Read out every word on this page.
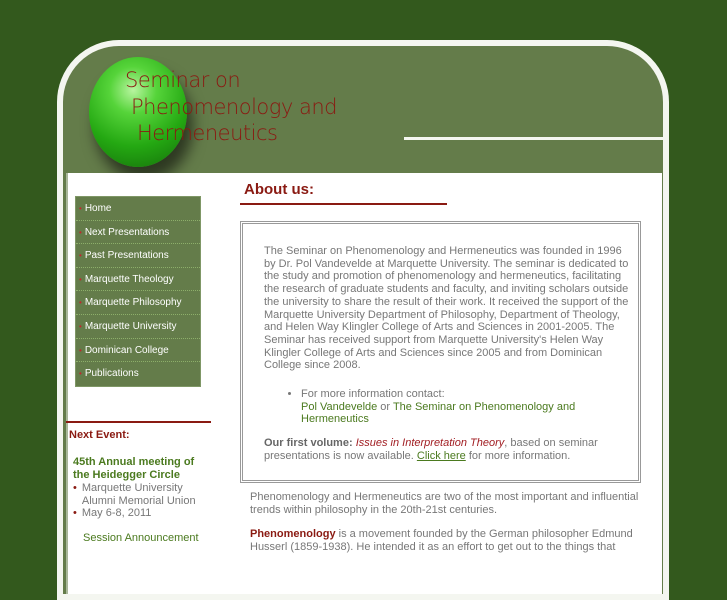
Seminar on
Phenomenology and
Hermeneutics
• Home
• Next Presentations
• Past Presentations
• Marquette Theology
• Marquette Philosophy
• Marquette University
• Dominican College
• Publications
Next Event:
45th Annual meeting of the Heidegger Circle
• Marquette University Alumni Memorial Union
• May 6-8, 2011
Session Announcement
About us:

The Seminar on Phenomenology and Hermeneutics was founded in 1996 by Dr. Pol Vandevelde at Marquette University. The seminar is dedicated to the study and promotion of phenomenology and hermeneutics, facilitating the research of graduate students and faculty, and inviting scholars outside the university to share the result of their work. It received the support of the Marquette University Department of Philosophy, Department of Theology, and Helen Way Klingler College of Arts and Sciences in 2001-2005. The Seminar has received support from Marquette University's Helen Way Klingler College of Arts and Sciences since 2005 and from Dominican College since 2008.

• For more information contact:
Pol Vandevelde or The Seminar on Phenomenology and Hermeneutics

Our first volume: Issues in Interpretation Theory, based on seminar presentations is now available. Click here for more information.

Phenomenology and Hermeneutics are two of the most important and influential trends within philosophy in the 20th-21st centuries.

Phenomenology is a movement founded by the German philosopher Edmund Husserl (1859-1938). He intended it as an effort to get out to the things that
